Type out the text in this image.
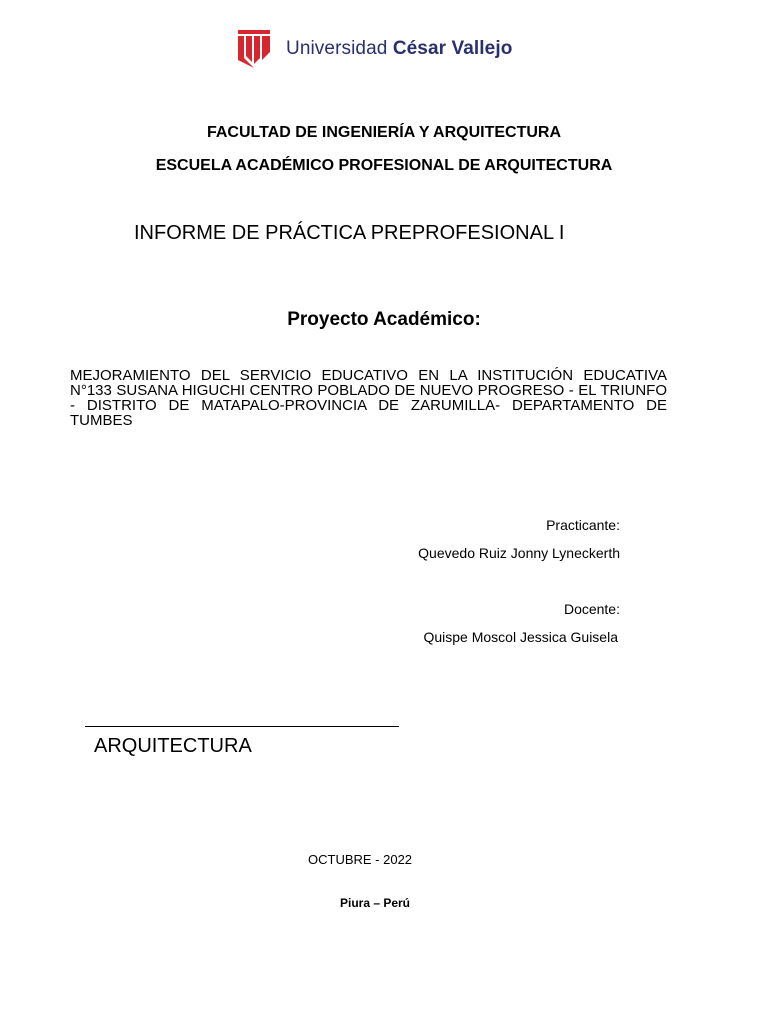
Universidad César Vallejo
FACULTAD DE INGENIERÍA Y ARQUITECTURA
ESCUELA ACADÉMICO PROFESIONAL DE ARQUITECTURA
INFORME DE PRÁCTICA PREPROFESIONAL I
Proyecto Académico:
MEJORAMIENTO DEL SERVICIO EDUCATIVO EN LA INSTITUCIÓN EDUCATIVA N°133 SUSANA HIGUCHI CENTRO POBLADO DE NUEVO PROGRESO - EL TRIUNFO - DISTRITO DE MATAPALO-PROVINCIA DE ZARUMILLA- DEPARTAMENTO DE TUMBES
Practicante:
Quevedo Ruiz Jonny Lyneckerth
Docente:
Quispe Moscol Jessica Guisela
ARQUITECTURA
OCTUBRE - 2022
Piura – Perú
